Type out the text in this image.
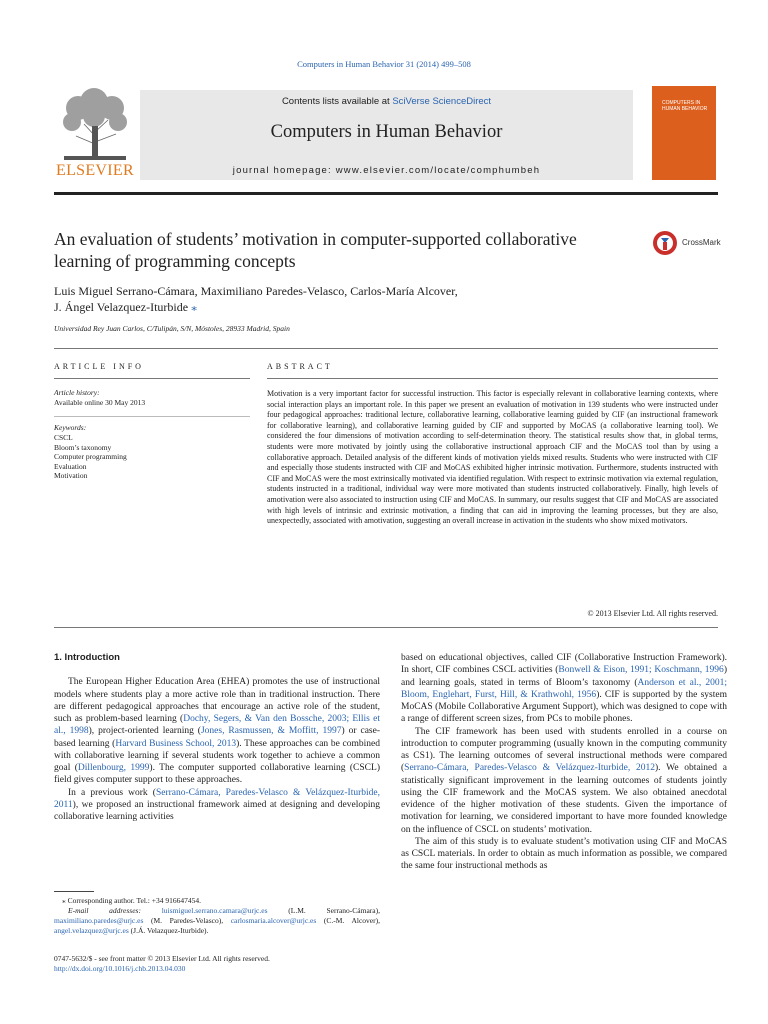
Computers in Human Behavior 31 (2014) 499–508
ELSEVIER
Contents lists available at SciVerse ScienceDirect
Computers in Human Behavior
journal homepage: www.elsevier.com/locate/comphumbeh
COMPUTERS IN HUMAN BEHAVIOR
An evaluation of students’ motivation in computer-supported collaborative learning of programming concepts
CrossMark
Luis Miguel Serrano-Cámara, Maximiliano Paredes-Velasco, Carlos-María Alcover,
J. Ángel Velazquez-Iturbide ⁎
Universidad Rey Juan Carlos, C/Tulipán, S/N, Móstoles, 28933 Madrid, Spain
ARTICLE INFO
Article history:
Available online 30 May 2013
Keywords:
CSCL
Bloom’s taxonomy
Computer programming
Evaluation
Motivation
ABSTRACT
Motivation is a very important factor for successful instruction. This factor is especially relevant in collaborative learning contexts, where social interaction plays an important role. In this paper we present an evaluation of motivation in 139 students who were instructed under four pedagogical approaches: traditional lecture, collaborative learning, collaborative learning guided by CIF (an instructional framework for collaborative learning), and collaborative learning guided by CIF and supported by MoCAS (a collaborative learning tool). We considered the four dimensions of motivation according to self-determination theory. The statistical results show that, in global terms, students were more motivated by jointly using the collaborative instructional approach CIF and the MoCAS tool than by using a collaborative approach. Detailed analysis of the different kinds of motivation yields mixed results. Students who were instructed with CIF and especially those students instructed with CIF and MoCAS exhibited higher intrinsic motivation. Furthermore, students instructed with CIF and MoCAS were the most extrinsically motivated via identified regulation. With respect to extrinsic motivation via external regulation, students instructed in a traditional, individual way were more motivated than students instructed collaboratively. Finally, high levels of amotivation were also associated to instruction using CIF and MoCAS. In summary, our results suggest that CIF and MoCAS are associated with high levels of intrinsic and extrinsic motivation, a finding that can aid in improving the learning processes, but they are also, unexpectedly, associated with amotivation, suggesting an overall increase in activation in the students who show mixed motivators.
© 2013 Elsevier Ltd. All rights reserved.

1. Introduction

The European Higher Education Area (EHEA) promotes the use of instructional models where students play a more active role than in traditional instruction. There are different pedagogical approaches that encourage an active role of the student, such as problem-based learning (Dochy, Segers, & Van den Bossche, 2003; Ellis et al., 1998), project-oriented learning (Jones, Rasmussen, & Moffitt, 1997) or case-based learning (Harvard Business School, 2013). These approaches can be combined with collaborative learning if several students work together to achieve a common goal (Dillenbourg, 1999). The computer supported collaborative learning (CSCL) field gives computer support to these approaches.

In a previous work (Serrano-Cámara, Paredes-Velasco & Velázquez-Iturbide, 2011), we proposed an instructional framework aimed at designing and developing collaborative learning activities

⁎ Corresponding author. Tel.: +34 916647454.
E-mail addresses:	luismiguel.serrano.camara@urjc.es	(L.M. Serrano-Cámara), maximiliano.paredes@urjc.es (M. Paredes-Velasco), carlosmaria.alcover@urjc.es (C.-M. Alcover), angel.velazquez@urjc.es (J.Á. Velazquez-Iturbide).
0747-5632/$ - see front matter © 2013 Elsevier Ltd. All rights reserved.
http://dx.doi.org/10.1016/j.chb.2013.04.030

based on educational objectives, called CIF (Collaborative Instruction Framework). In short, CIF combines CSCL activities (Bonwell & Eison, 1991; Koschmann, 1996) and learning goals, stated in terms of Bloom’s taxonomy (Anderson et al., 2001; Bloom, Englehart, Furst, Hill, & Krathwohl, 1956). CIF is supported by the system MoCAS (Mobile Collaborative Argument Support), which was designed to cope with a range of different screen sizes, from PCs to mobile phones.

The CIF framework has been used with students enrolled in a course on introduction to computer programming (usually known in the computing community as CS1). The learning outcomes of several instructional methods were compared (Serrano-Cámara, Paredes-Velasco & Velázquez-Iturbide, 2012). We obtained a statistically significant improvement in the learning outcomes of students jointly using the CIF framework and the MoCAS system. We also obtained anecdotal evidence of the higher motivation of these students. Given the importance of motivation for learning, we considered important to have more founded knowledge on the influence of CSCL on students’ motivation.

The aim of this study is to evaluate student’s motivation using CIF and MoCAS as CSCL materials. In order to obtain as much information as possible, we compared the same four instructional methods as
